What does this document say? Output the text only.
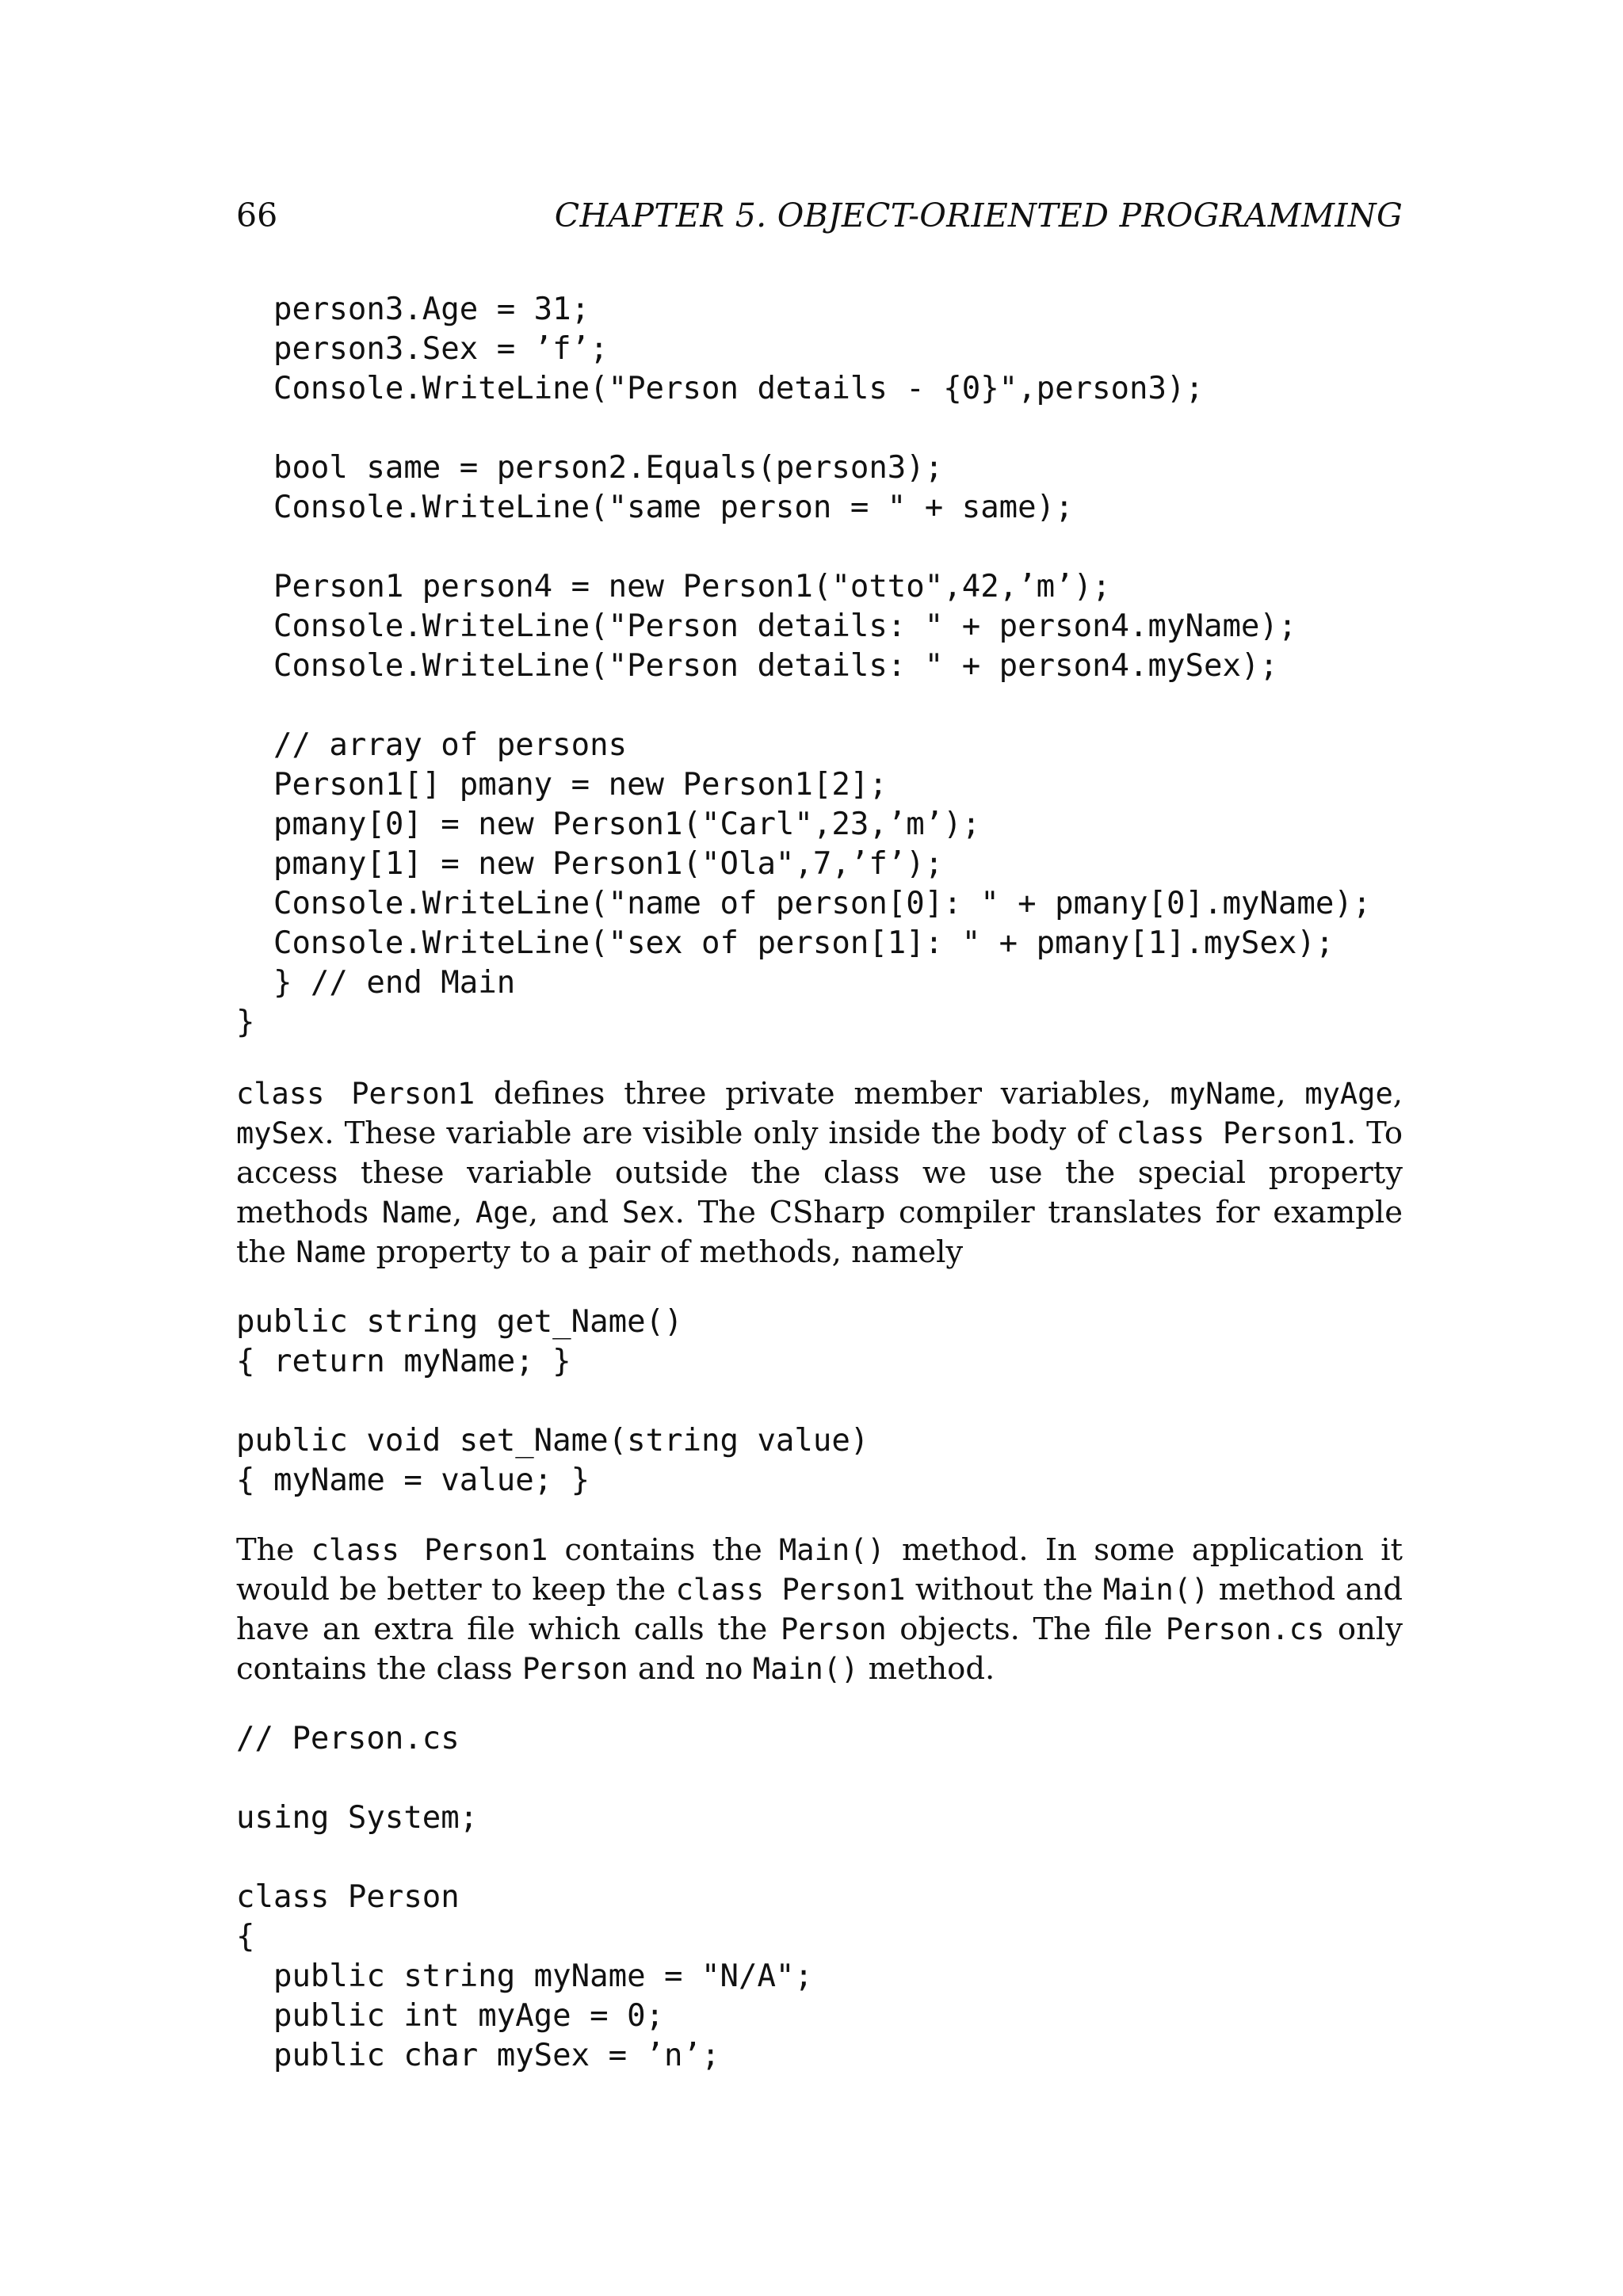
66	CHAPTER 5. OBJECT-ORIENTED PROGRAMMING
person3.Age = 31;
person3.Sex = ’f’;
Console.WriteLine("Person details - {0}",person3);

bool same = person2.Equals(person3);
Console.WriteLine("same person = " + same);

Person1 person4 = new Person1("otto",42,’m’);
Console.WriteLine("Person details: " + person4.myName);
Console.WriteLine("Person details: " + person4.mySex);

// array of persons
Person1[] pmany = new Person1[2];
pmany[0] = new Person1("Carl",23,’m’);
pmany[1] = new Person1("Ola",7,’f’);
Console.WriteLine("name of person[0]: " + pmany[0].myName);
Console.WriteLine("sex of person[1]: " + pmany[1].mySex);
} // end Main
}

class Person1 defines three private member variables, myName, myAge, mySex. These variable are visible only inside the body of class Person1. To access these variable outside the class we use the special property methods Name, Age, and Sex. The CSharp compiler translates for example the Name property to a pair of methods, namely

public string get_Name()
{ return myName; }

public void set_Name(string value)
{ myName = value; }

The class Person1 contains the Main() method. In some application it would be better to keep the class Person1 without the Main() method and have an extra file which calls the Person objects. The file Person.cs only contains the class Person and no Main() method.

// Person.cs

using System;

class Person
{
public string myName = "N/A";
public int myAge = 0;
public char mySex = ’n’;
